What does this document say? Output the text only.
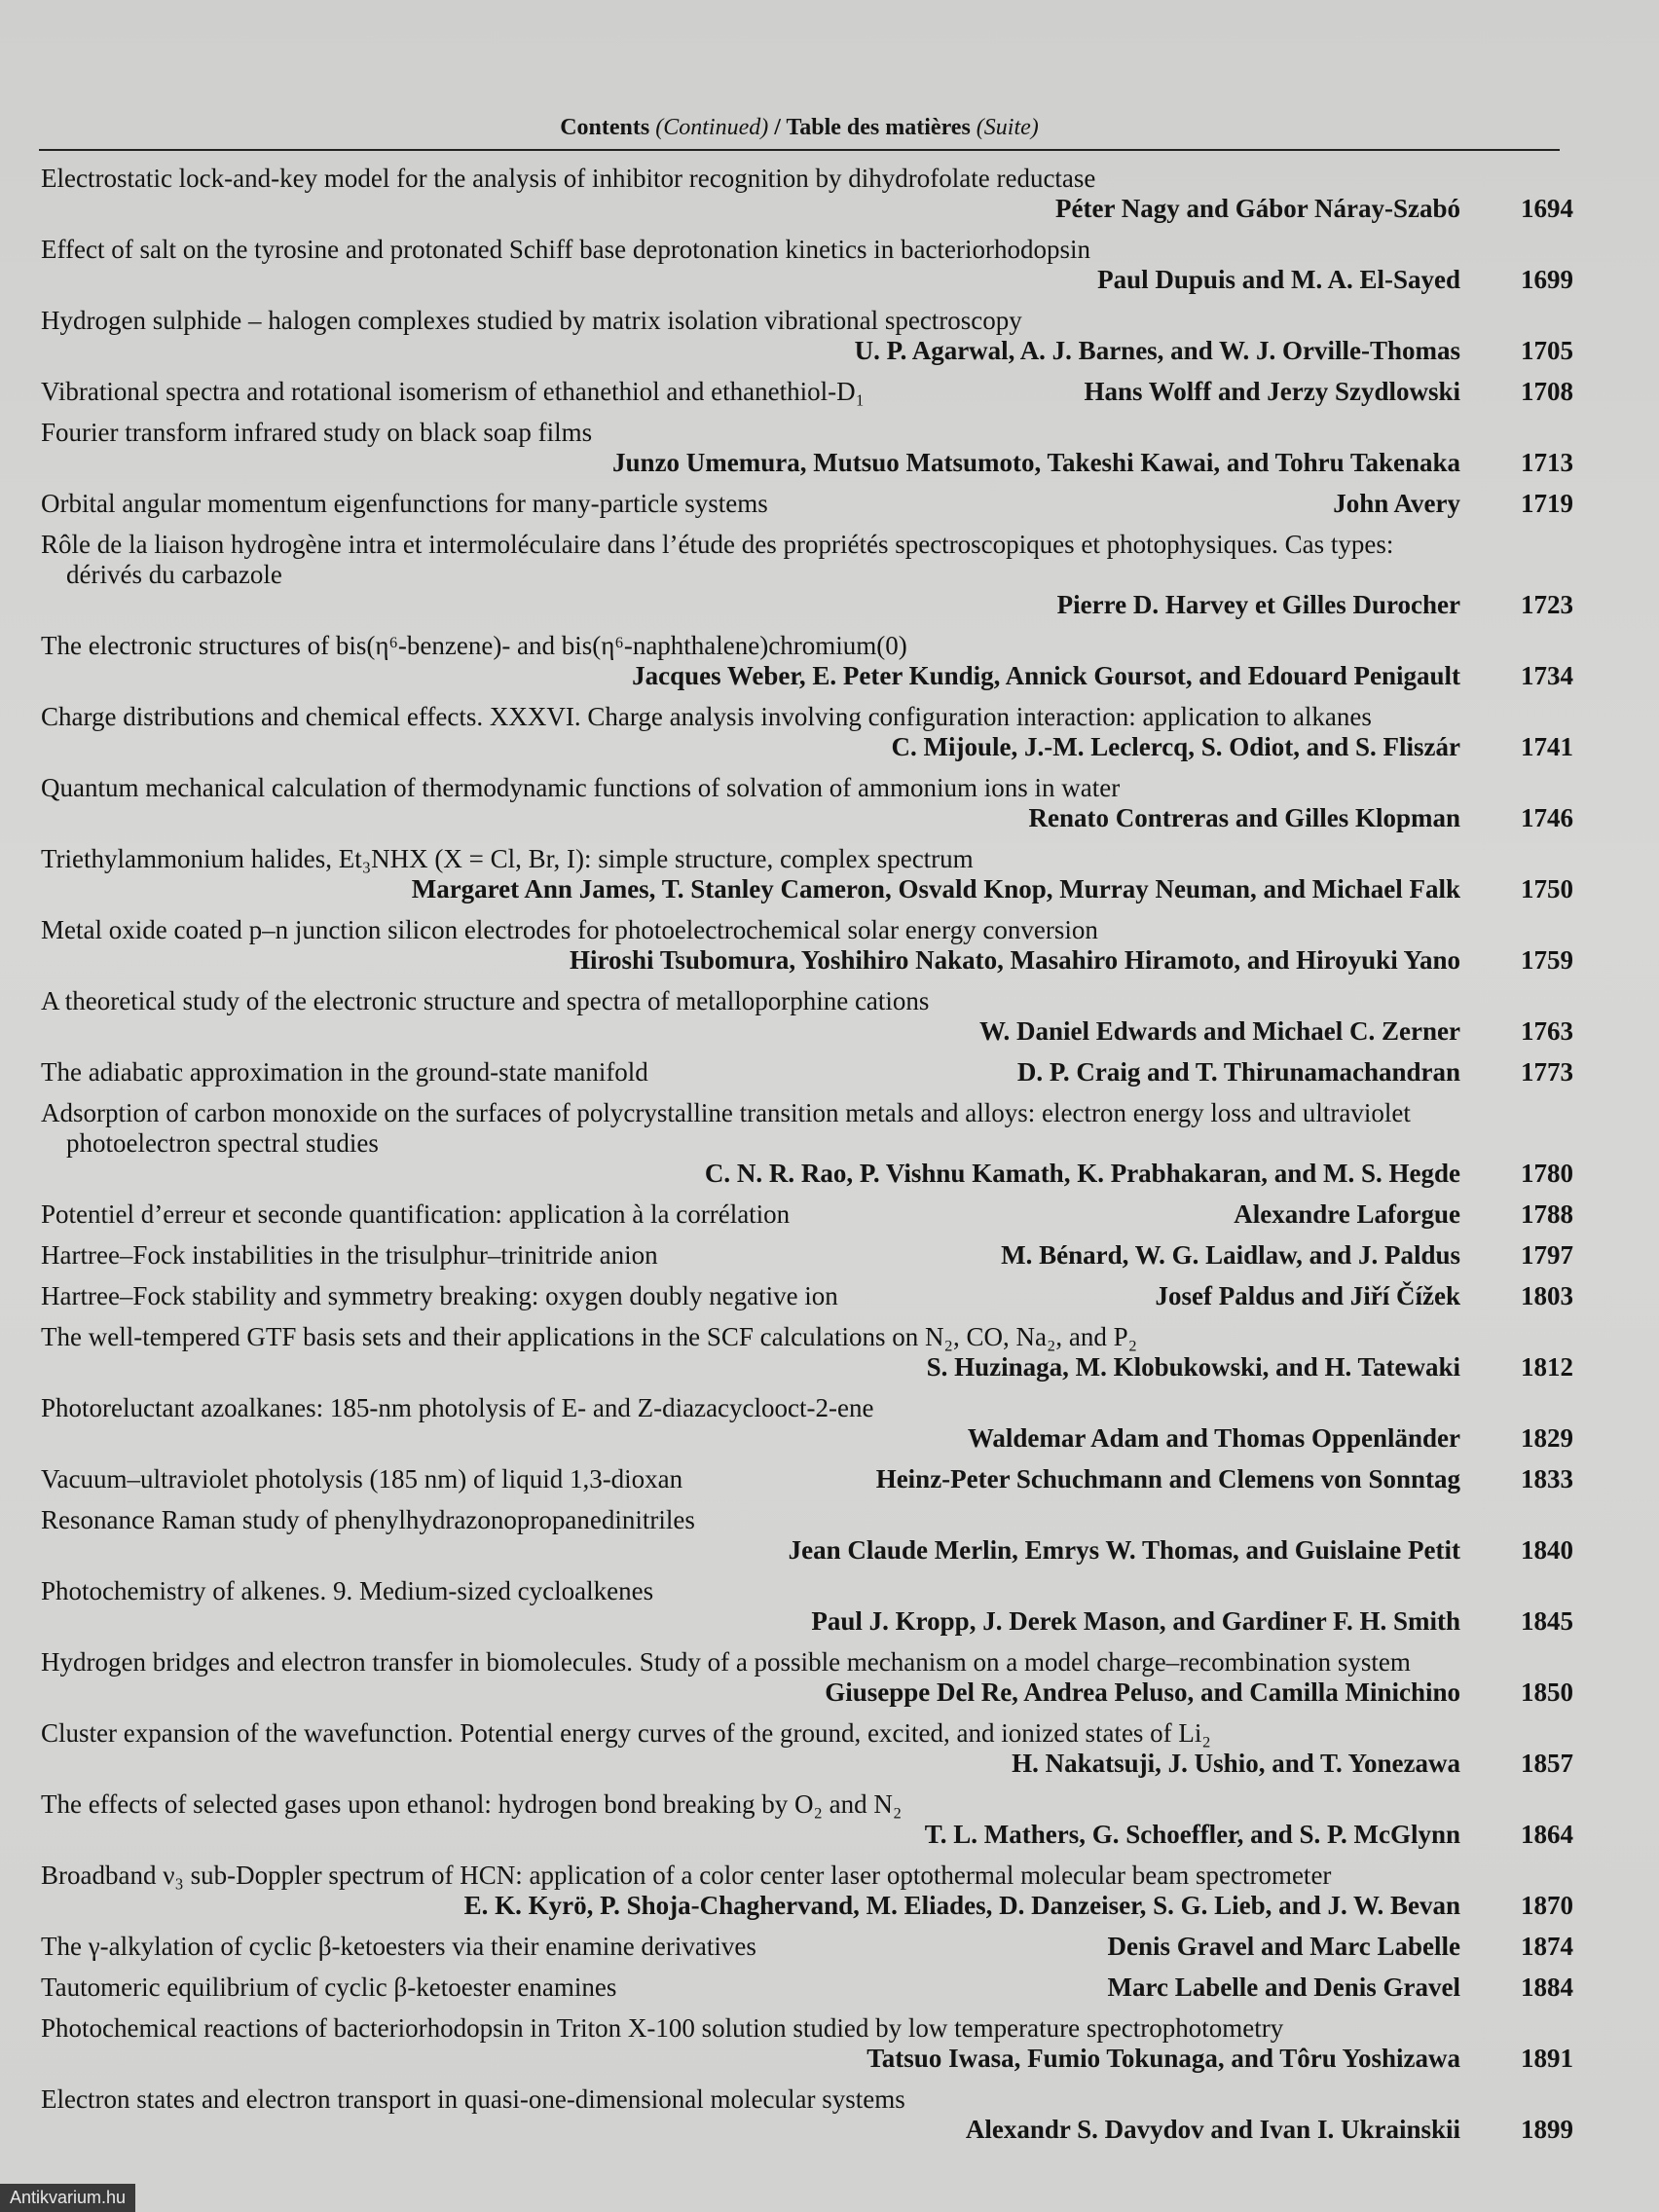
Contents (Continued) / Table des matières (Suite)
Electrostatic lock-and-key model for the analysis of inhibitor recognition by dihydrofolate reductase
Péter Nagy and Gábor Náray-Szabó	1694
Effect of salt on the tyrosine and protonated Schiff base deprotonation kinetics in bacteriorhodopsin
Paul Dupuis and M. A. El-Sayed	1699
Hydrogen sulphide – halogen complexes studied by matrix isolation vibrational spectroscopy
U. P. Agarwal, A. J. Barnes, and W. J. Orville-Thomas	1705
Vibrational spectra and rotational isomerism of ethanethiol and ethanethiol-D₁	Hans Wolff and Jerzy Szydlowski	1708
Fourier transform infrared study on black soap films
Junzo Umemura, Mutsuo Matsumoto, Takeshi Kawai, and Tohru Takenaka	1713
Orbital angular momentum eigenfunctions for many-particle systems	John Avery	1719
Rôle de la liaison hydrogène intra et intermoléculaire dans l’étude des propriétés spectroscopiques et photophysiques. Cas types: dérivés du carbazole
Pierre D. Harvey et Gilles Durocher	1723
The electronic structures of bis(η⁶-benzene)- and bis(η⁶-naphthalene)chromium(0)
Jacques Weber, E. Peter Kundig, Annick Goursot, and Edouard Penigault	1734
Charge distributions and chemical effects. XXXVI. Charge analysis involving configuration interaction: application to alkanes
C. Mijoule, J.-M. Leclercq, S. Odiot, and S. Fliszár	1741
Quantum mechanical calculation of thermodynamic functions of solvation of ammonium ions in water
Renato Contreras and Gilles Klopman	1746
Triethylammonium halides, Et₃NHX (X = Cl, Br, I): simple structure, complex spectrum
Margaret Ann James, T. Stanley Cameron, Osvald Knop, Murray Neuman, and Michael Falk	1750
Metal oxide coated p–n junction silicon electrodes for photoelectrochemical solar energy conversion
Hiroshi Tsubomura, Yoshihiro Nakato, Masahiro Hiramoto, and Hiroyuki Yano	1759
A theoretical study of the electronic structure and spectra of metalloporphine cations
W. Daniel Edwards and Michael C. Zerner	1763
The adiabatic approximation in the ground-state manifold	D. P. Craig and T. Thirunamachandran	1773
Adsorption of carbon monoxide on the surfaces of polycrystalline transition metals and alloys: electron energy loss and ultraviolet photoelectron spectral studies
C. N. R. Rao, P. Vishnu Kamath, K. Prabhakaran, and M. S. Hegde	1780
Potentiel d’erreur et seconde quantification: application à la corrélation	Alexandre Laforgue	1788
Hartree–Fock instabilities in the trisulphur–trinitride anion	M. Bénard, W. G. Laidlaw, and J. Paldus	1797
Hartree–Fock stability and symmetry breaking: oxygen doubly negative ion	Josef Paldus and Jiří Čížek	1803
The well-tempered GTF basis sets and their applications in the SCF calculations on N₂, CO, Na₂, and P₂
S. Huzinaga, M. Klobukowski, and H. Tatewaki	1812
Photoreluctant azoalkanes: 185-nm photolysis of E- and Z-diazacyclooct-2-ene
Waldemar Adam and Thomas Oppenländer	1829
Vacuum–ultraviolet photolysis (185 nm) of liquid 1,3-dioxan	Heinz-Peter Schuchmann and Clemens von Sonntag	1833
Resonance Raman study of phenylhydrazonopropanedinitriles
Jean Claude Merlin, Emrys W. Thomas, and Guislaine Petit	1840
Photochemistry of alkenes. 9. Medium-sized cycloalkenes
Paul J. Kropp, J. Derek Mason, and Gardiner F. H. Smith	1845
Hydrogen bridges and electron transfer in biomolecules. Study of a possible mechanism on a model charge–recombination system
Giuseppe Del Re, Andrea Peluso, and Camilla Minichino	1850
Cluster expansion of the wavefunction. Potential energy curves of the ground, excited, and ionized states of Li₂
H. Nakatsuji, J. Ushio, and T. Yonezawa	1857
The effects of selected gases upon ethanol: hydrogen bond breaking by O₂ and N₂
T. L. Mathers, G. Schoeffler, and S. P. McGlynn	1864
Broadband ν₃ sub-Doppler spectrum of HCN: application of a color center laser optothermal molecular beam spectrometer
E. K. Kyrö, P. Shoja-Chaghervand, M. Eliades, D. Danzeiser, S. G. Lieb, and J. W. Bevan	1870
The γ-alkylation of cyclic β-ketoesters via their enamine derivatives	Denis Gravel and Marc Labelle	1874
Tautomeric equilibrium of cyclic β-ketoester enamines	Marc Labelle and Denis Gravel	1884
Photochemical reactions of bacteriorhodopsin in Triton X-100 solution studied by low temperature spectrophotometry
Tatsuo Iwasa, Fumio Tokunaga, and Tôru Yoshizawa	1891
Electron states and electron transport in quasi-one-dimensional molecular systems
Alexandr S. Davydov and Ivan I. Ukrainskii	1899
Antikvarium.hu
